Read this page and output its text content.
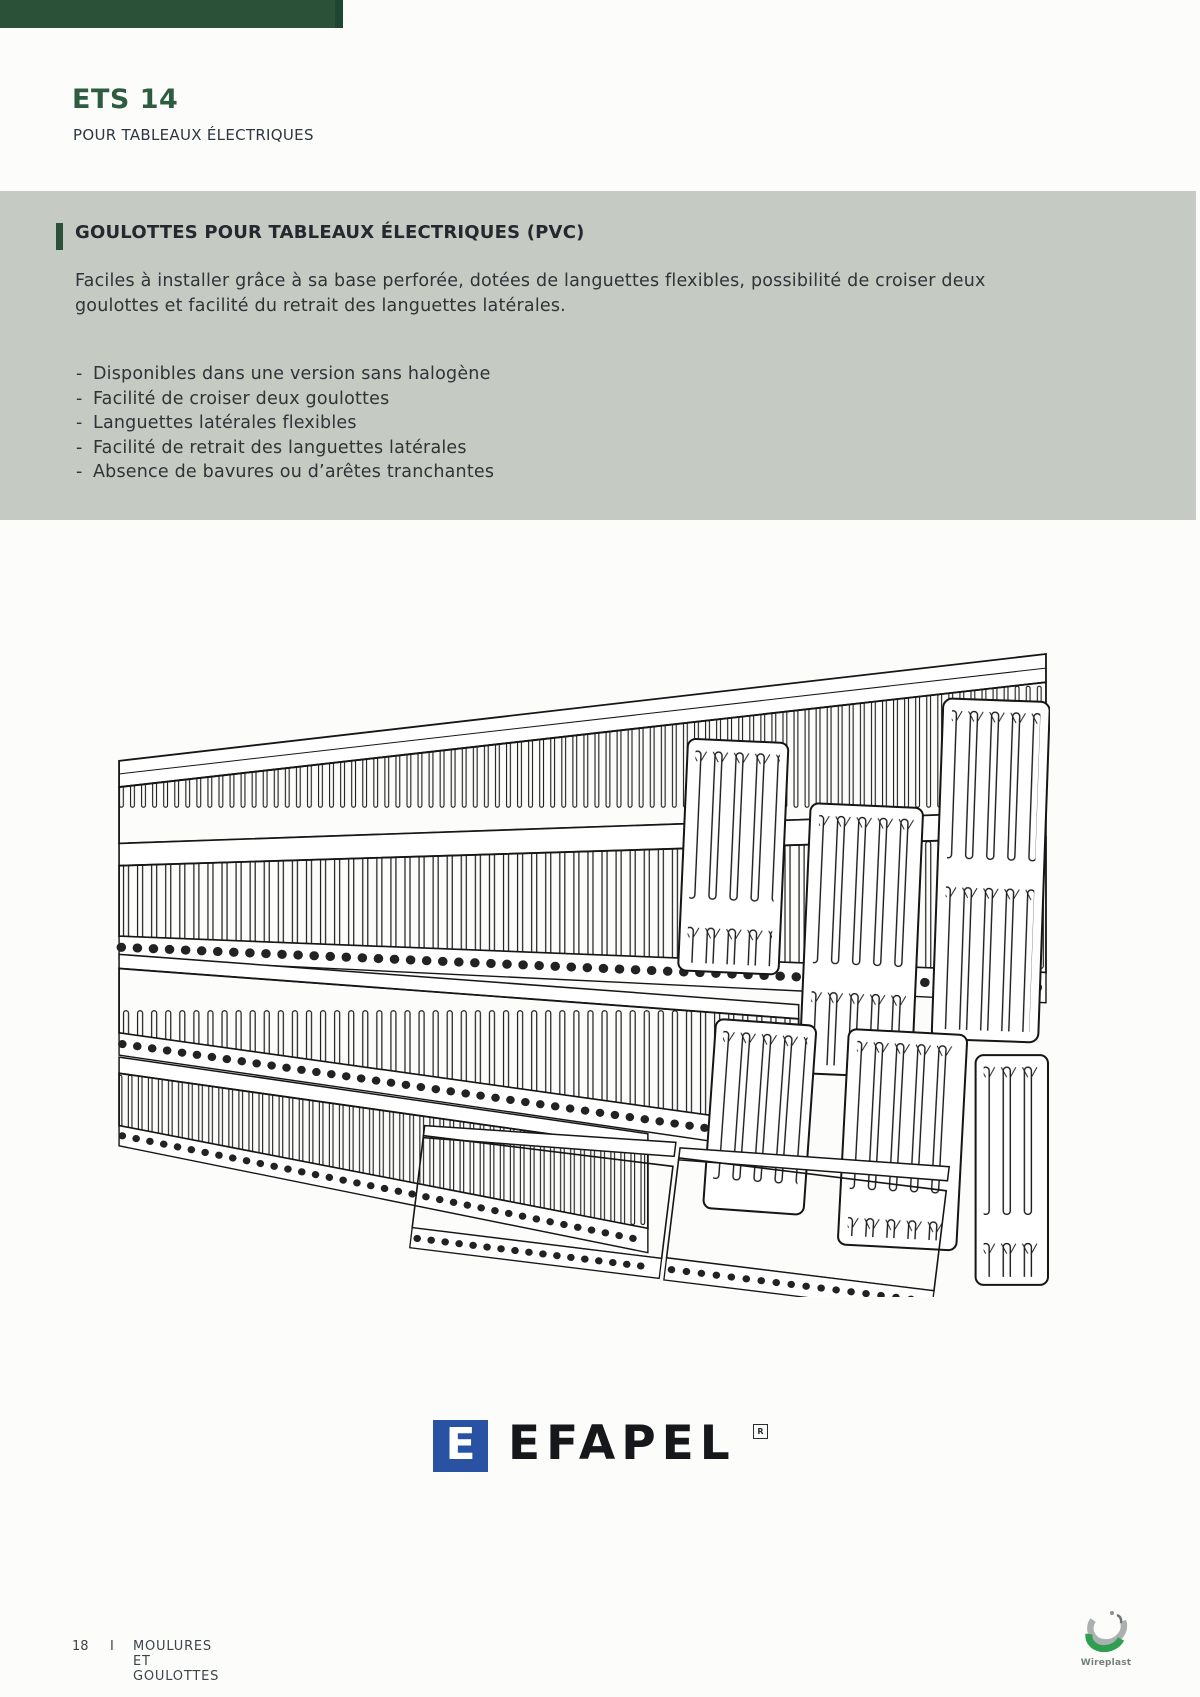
ETS 14
POUR TABLEAUX ÉLECTRIQUES
GOULOTTES POUR TABLEAUX ÉLECTRIQUES (PVC)

Faciles à installer grâce à sa base perforée, dotées de languettes flexibles, possibilité de croiser deux goulottes et facilité du retrait des languettes latérales.

- Disponibles dans une version sans halogène
- Facilité de croiser deux goulottes
- Languettes latérales flexibles
- Facilité de retrait des languettes latérales
- Absence de bavures ou d’arêtes tranchantes
E EFAPEL	R
18 I MOULURES ET GOULOTTES
Wireplast
